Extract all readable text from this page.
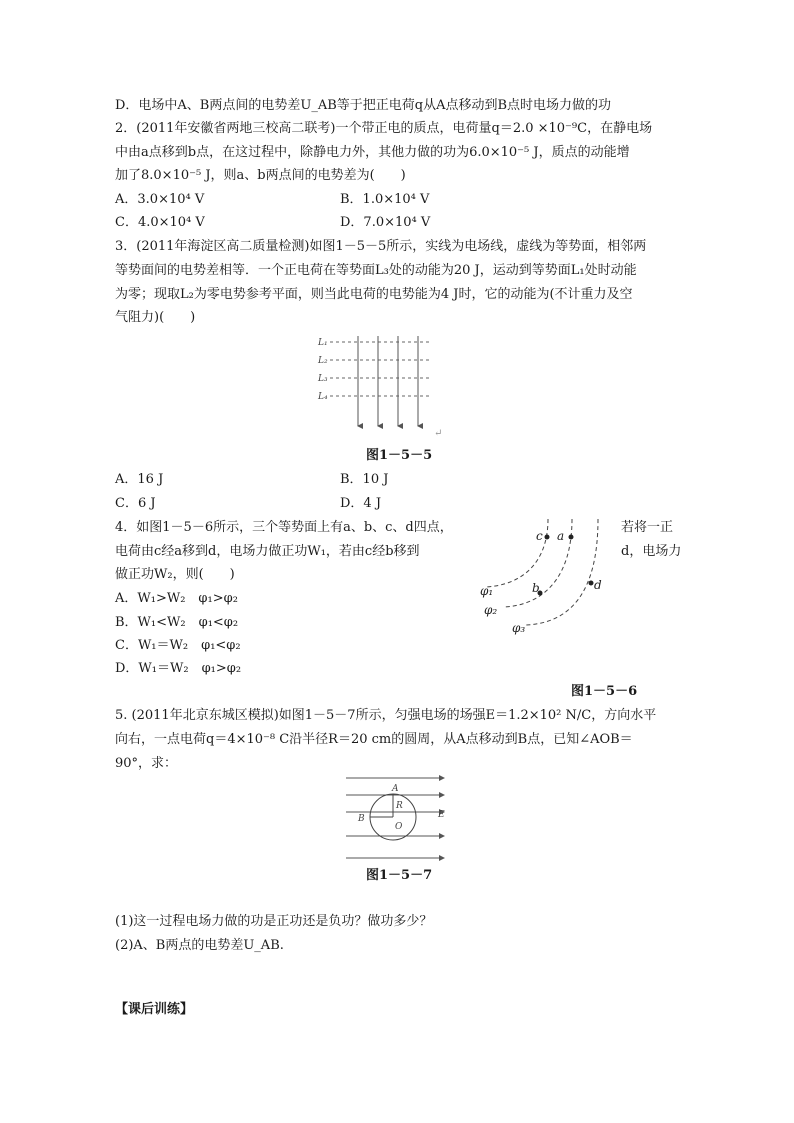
D．电场中A、B两点间的电势差U_AB等于把正电荷q从A点移动到B点时电场力做的功
2．(2011年安徽省两地三校高二联考)一个带正电的质点，电荷量q＝2.0 ×10⁻⁹C，在静电场
中由a点移到b点，在这过程中，除静电力外，其他力做的功为6.0×10⁻⁵ J，质点的动能增
加了8.0×10⁻⁵ J，则a、b两点间的电势差为(　　)
A．3.0×10⁴ V	B．1.0×10⁴ V
C．4.0×10⁴ V	D．7.0×10⁴ V
3．(2011年海淀区高二质量检测)如图1－5－5所示，实线为电场线，虚线为等势面，相邻两
等势面间的电势差相等．一个正电荷在等势面L₃处的动能为20 J，运动到等势面L₁处时动能
为零；现取L₂为零电势参考平面，则当此电荷的电势能为4 J时，它的动能为(不计重力及空
气阻力)(　　)
L₁
L₂
L₃
L₄
↵
图1－5－5
A．16 J	B．10 J
C．6 J	D．4 J
4．如图1－5－6所示，三个等势面上有a、b、c、d四点，	若将一正
电荷由c经a移到d，电场力做正功W₁，若由c经b移到	d，电场力
做正功W₂，则(　　)
A．W₁>W₂　φ₁>φ₂
B．W₁<W₂　φ₁<φ₂
C．W₁＝W₂　φ₁<φ₂
D．W₁＝W₂　φ₁>φ₂
c a
b	d
φ₁
φ₂
φ₃
图1－5－6
5. (2011年北京东城区模拟)如图1－5－7所示，匀强电场的场强E＝1.2×10² N/C，方向水平
向右，一点电荷q＝4×10⁻⁸ C沿半径R＝20 cm的圆周，从A点移动到B点，已知∠AOB＝
90°，求：
A
R
B
O
E
图1－5－7
(1)这一过程电场力做的功是正功还是负功？做功多少？
(2)A、B两点的电势差U_AB.
【课后训练】
